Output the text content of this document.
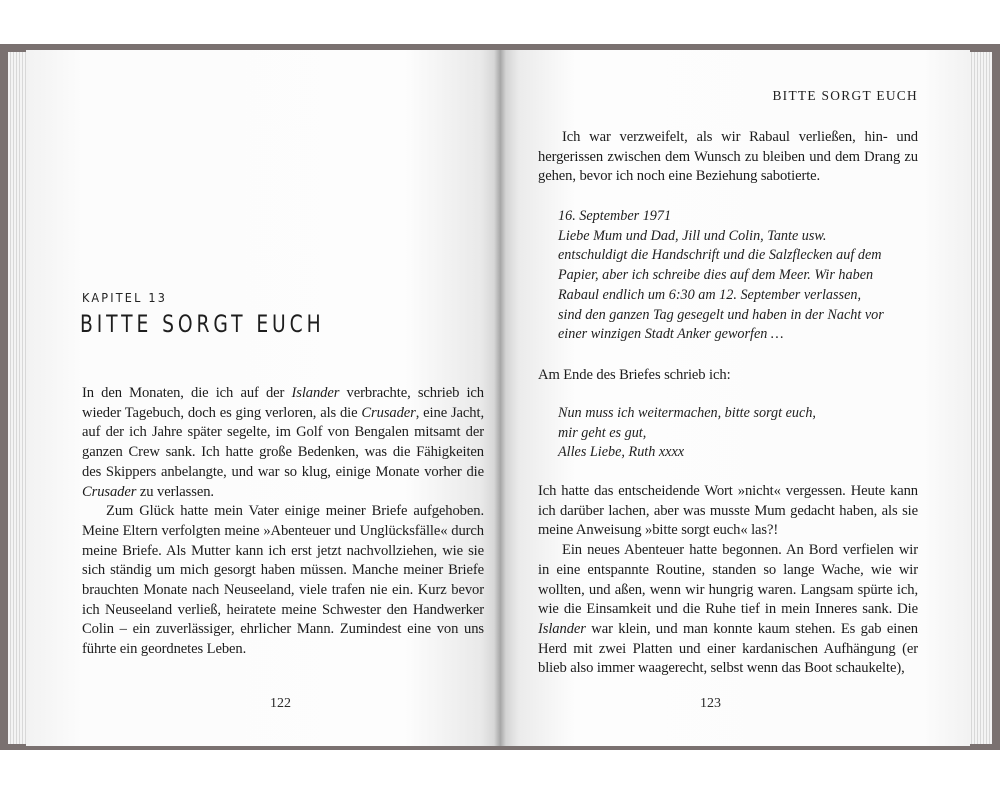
KAPITEL 13
BITTE SORGT EUCH

In den Monaten, die ich auf der Islander verbrachte, schrieb ich wieder Tagebuch, doch es ging verloren, als die Crusader, eine Jacht, auf der ich Jahre später segelte, im Golf von Bengalen mitsamt der ganzen Crew sank. Ich hatte große Bedenken, was die Fähigkeiten des Skippers anbelangte, und war so klug, einige Monate vorher die Crusader zu verlassen.

Zum Glück hatte mein Vater einige meiner Briefe aufgehoben. Meine Eltern verfolgten meine »Abenteuer und Unglücksfälle« durch meine Briefe. Als Mutter kann ich erst jetzt nachvollziehen, wie sie sich ständig um mich gesorgt haben müssen. Manche meiner Briefe brauchten Monate nach Neuseeland, viele trafen nie ein. Kurz bevor ich Neuseeland verließ, heiratete meine Schwester den Handwerker Colin – ein zuverlässiger, ehrlicher Mann. Zumindest eine von uns führte ein geordnetes Leben.

122
BITTE SORGT EUCH

Ich war verzweifelt, als wir Rabaul verließen, hin- und hergerissen zwischen dem Wunsch zu bleiben und dem Drang zu gehen, bevor ich noch eine Beziehung sabotierte.

16. September 1971
Liebe Mum und Dad, Jill und Colin, Tante usw.
entschuldigt die Handschrift und die Salzflecken auf dem
Papier, aber ich schreibe dies auf dem Meer. Wir haben
Rabaul endlich um 6:30 am 12. September verlassen,
sind den ganzen Tag gesegelt und haben in der Nacht vor
einer winzigen Stadt Anker geworfen …

Am Ende des Briefes schrieb ich:

Nun muss ich weitermachen, bitte sorgt euch,
mir geht es gut,
Alles Liebe, Ruth xxxx

Ich hatte das entscheidende Wort »nicht« vergessen. Heute kann ich darüber lachen, aber was musste Mum gedacht haben, als sie meine Anweisung »bitte sorgt euch« las?!

Ein neues Abenteuer hatte begonnen. An Bord verfielen wir in eine entspannte Routine, standen so lange Wache, wie wir wollten, und aßen, wenn wir hungrig waren. Langsam spürte ich, wie die Einsamkeit und die Ruhe tief in mein Inneres sank. Die Islander war klein, und man konnte kaum stehen. Es gab einen Herd mit zwei Platten und einer kardanischen Aufhängung (er blieb also immer waagerecht, selbst wenn das Boot schaukelte),

123
